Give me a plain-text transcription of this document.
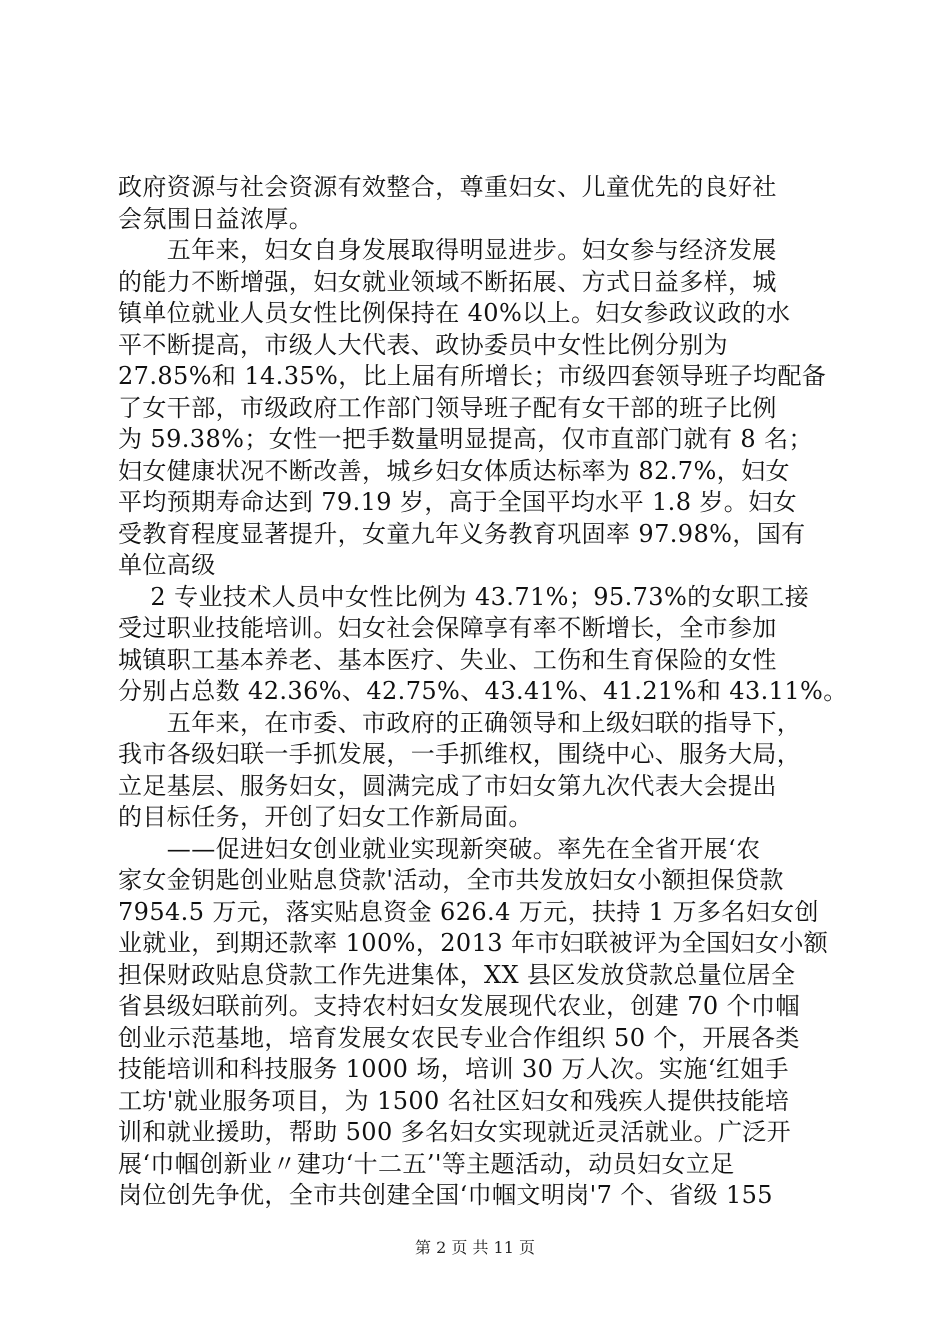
政府资源与社会资源有效整合，尊重妇女、儿童优先的良好社
会氛围日益浓厚。
　　五年来，妇女自身发展取得明显进步。妇女参与经济发展
的能力不断增强，妇女就业领域不断拓展、方式日益多样，城
镇单位就业人员女性比例保持在 40%以上。妇女参政议政的水
平不断提高，市级人大代表、政协委员中女性比例分别为
27.85%和 14.35%，比上届有所增长；市级四套领导班子均配备
了女干部，市级政府工作部门领导班子配有女干部的班子比例
为 59.38%；女性一把手数量明显提高，仅市直部门就有 8 名；
妇女健康状况不断改善，城乡妇女体质达标率为 82.7%，妇女
平均预期寿命达到 79.19 岁，高于全国平均水平 1.8 岁。妇女
受教育程度显著提升，女童九年义务教育巩固率 97.98%，国有
单位高级
　 2 专业技术人员中女性比例为 43.71%；95.73%的女职工接
受过职业技能培训。妇女社会保障享有率不断增长，全市参加
城镇职工基本养老、基本医疗、失业、工伤和生育保险的女性
分别占总数 42.36%、42.75%、43.41%、41.21%和 43.11%。
　　五年来，在市委、市政府的正确领导和上级妇联的指导下，
我市各级妇联一手抓发展，一手抓维权，围绕中心、服务大局，
立足基层、服务妇女，圆满完成了市妇女第九次代表大会提出
的目标任务，开创了妇女工作新局面。
　　——促进妇女创业就业实现新突破。率先在全省开展‘农
家女金钥匙创业贴息贷款'活动，全市共发放妇女小额担保贷款
7954.5 万元，落实贴息资金 626.4 万元，扶持 1 万多名妇女创
业就业，到期还款率 100%，2013 年市妇联被评为全国妇女小额
担保财政贴息贷款工作先进集体，XX 县区发放贷款总量位居全
省县级妇联前列。支持农村妇女发展现代农业，创建 70 个巾帼
创业示范基地，培育发展女农民专业合作组织 50 个，开展各类
技能培训和科技服务 1000 场，培训 30 万人次。实施‘红姐手
工坊'就业服务项目，为 1500 名社区妇女和残疾人提供技能培
训和就业援助，帮助 500 多名妇女实现就近灵活就业。广泛开
展‘巾帼创新业〃建功‘十二五’'等主题活动，动员妇女立足
岗位创先争优，全市共创建全国‘巾帼文明岗'7 个、省级 155
第 2 页 共 11 页
